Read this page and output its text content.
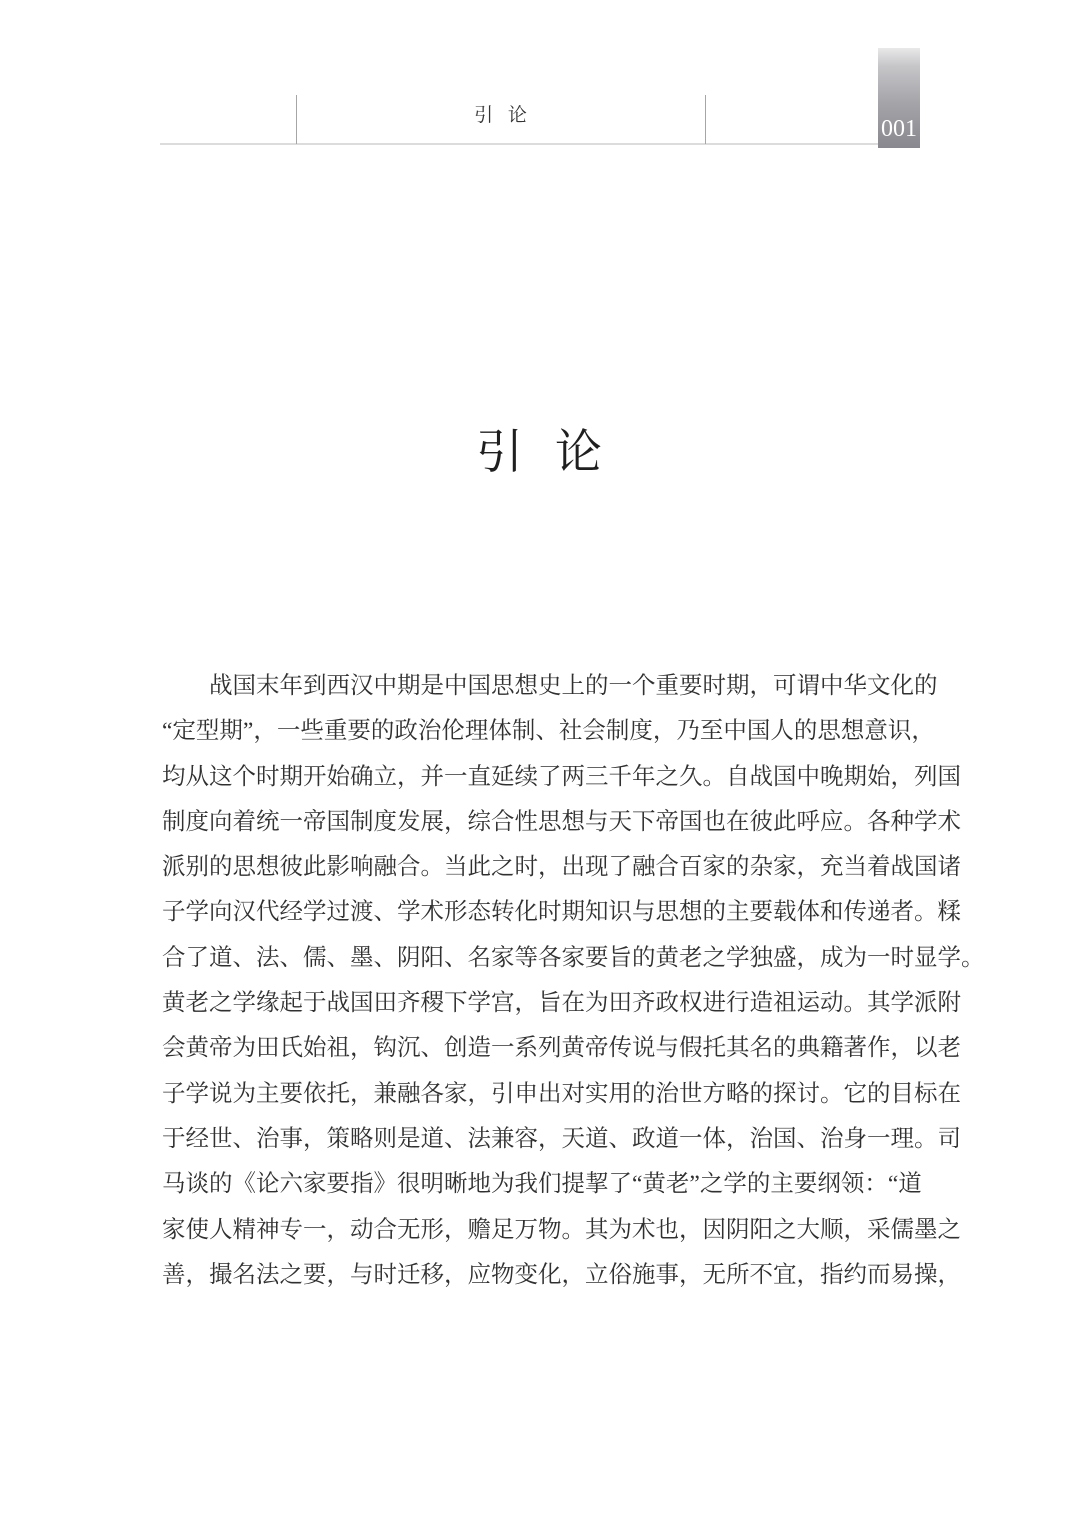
引 论
001
引 论
战国末年到西汉中期是中国思想史上的一个重要时期，可谓中华文化的
“定型期”，一些重要的政治伦理体制、社会制度，乃至中国人的思想意识，
均从这个时期开始确立，并一直延续了两三千年之久。自战国中晚期始，列国
制度向着统一帝国制度发展，综合性思想与天下帝国也在彼此呼应。各种学术
派别的思想彼此影响融合。当此之时，出现了融合百家的杂家，充当着战国诸
子学向汉代经学过渡、学术形态转化时期知识与思想的主要载体和传递者。糅
合了道、法、儒、墨、阴阳、名家等各家要旨的黄老之学独盛，成为一时显学。
黄老之学缘起于战国田齐稷下学宫，旨在为田齐政权进行造祖运动。其学派附
会黄帝为田氏始祖，钩沉、创造一系列黄帝传说与假托其名的典籍著作，以老
子学说为主要依托，兼融各家，引申出对实用的治世方略的探讨。它的目标在
于经世、治事，策略则是道、法兼容，天道、政道一体，治国、治身一理。司
马谈的《论六家要指》很明晰地为我们提挈了“黄老”之学的主要纲领：“道
家使人精神专一，动合无形，赡足万物。其为术也，因阴阳之大顺，采儒墨之
善，撮名法之要，与时迁移，应物变化，立俗施事，无所不宜，指约而易操，
